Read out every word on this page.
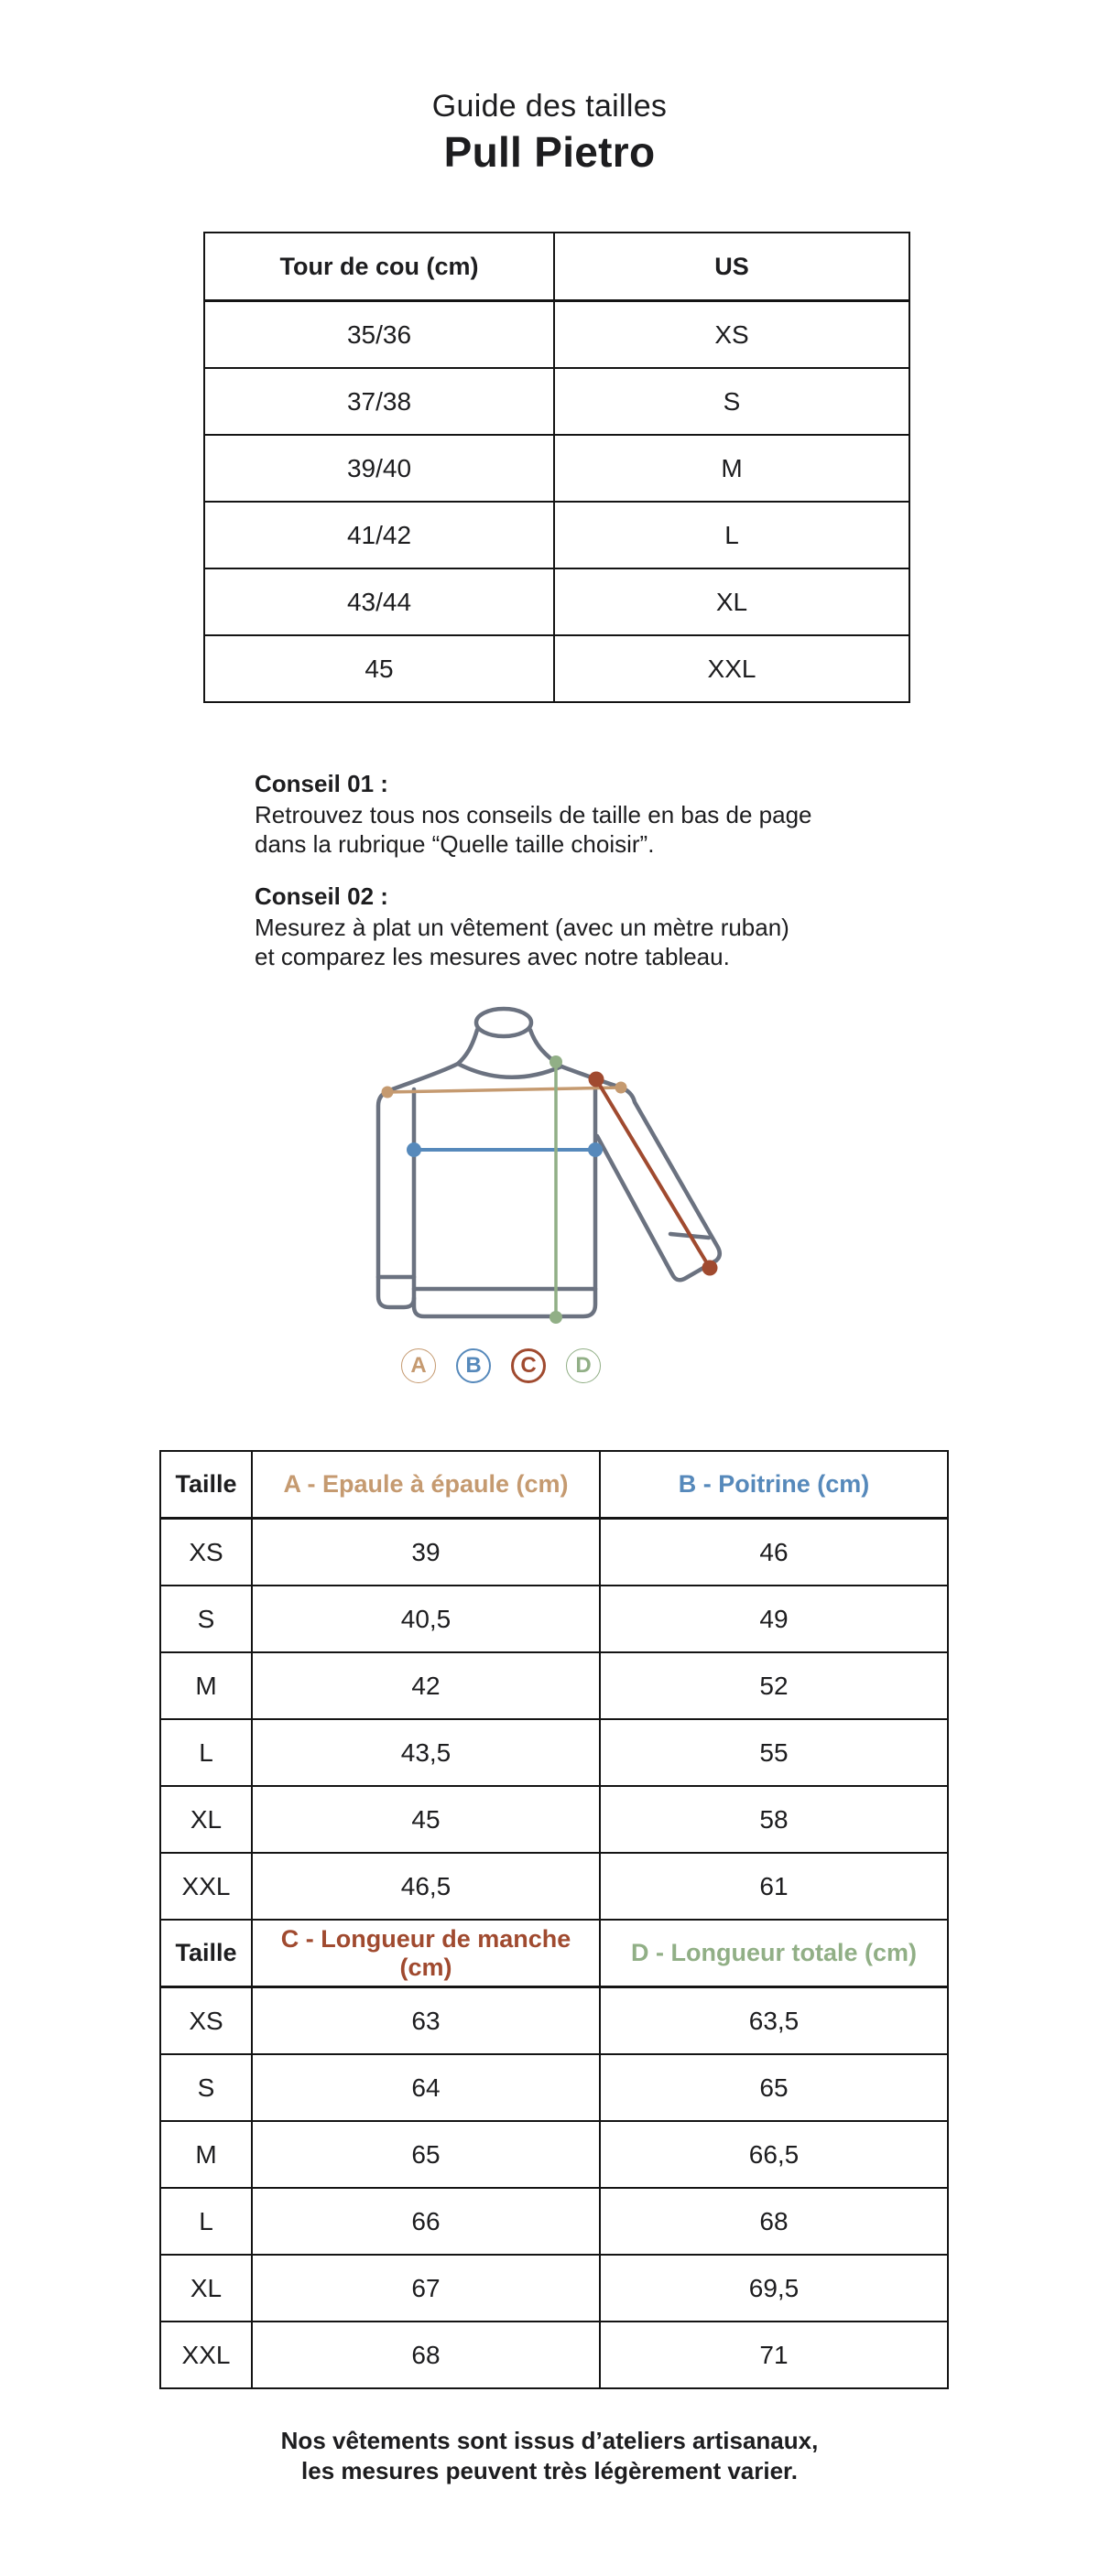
Guide des tailles
Pull Pietro
Tour de cou (cm)	US
35/36	XS
37/38	S
39/40	M
41/42	L
43/44	XL
45	XXL
Conseil 01 :
Retrouvez tous nos conseils de taille en bas de page
dans la rubrique “Quelle taille choisir”.
Conseil 02 :
Mesurez à plat un vêtement (avec un mètre ruban)
et comparez les mesures avec notre tableau.
A B C D
Taille	A - Epaule à épaule (cm)	B - Poitrine (cm)
XS	39	46
S	40,5	49
M	42	52
L	43,5	55
XL	45	58
XXL	46,5	61
Taille	C - Longueur de manche (cm)	D - Longueur totale (cm)
XS	63	63,5
S	64	65
M	65	66,5
L	66	68
XL	67	69,5
XXL	68	71
Nos vêtements sont issus d’ateliers artisanaux,
les mesures peuvent très légèrement varier.
